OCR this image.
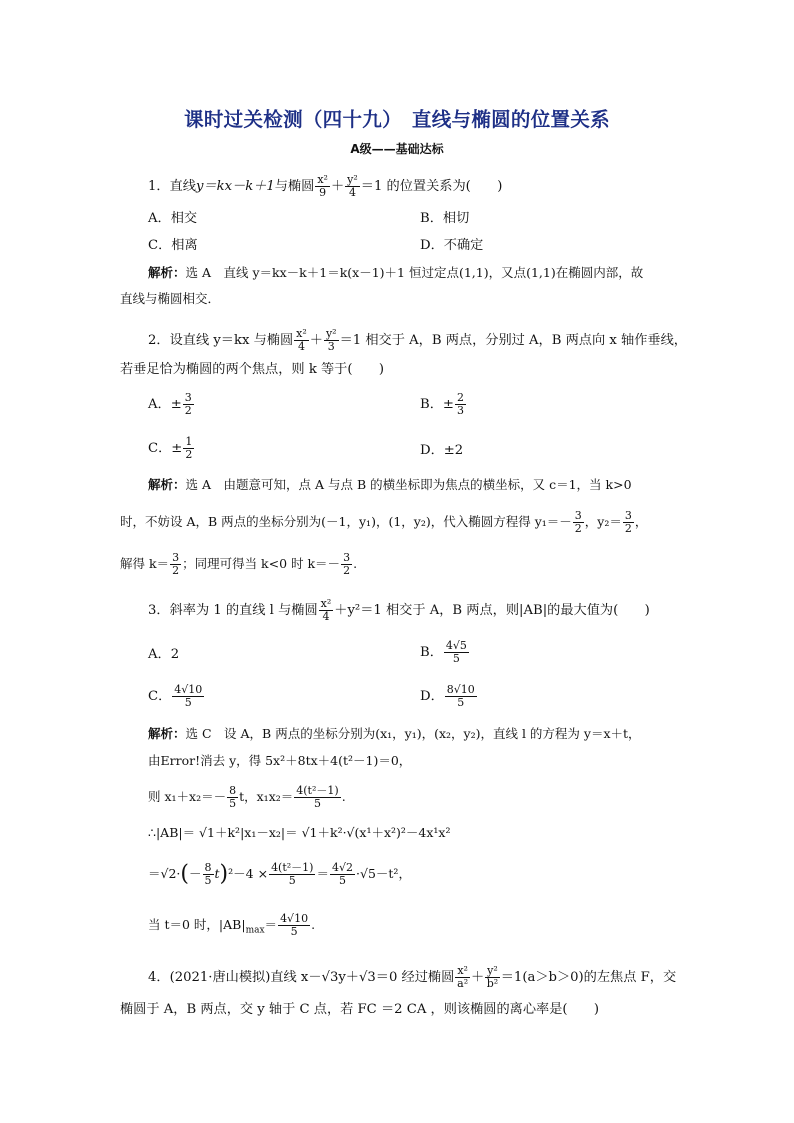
课时过关检测（四十九）　直线与椭圆的位置关系
A级——基础达标
1．直线y＝kx－k＋1与椭圆 $\frac{\text{x²}}{9} + \frac{\text{y²}}{4} =1$ 的位置关系为(　　)
A．相交	B．相切
C．相离	D．不确定
解析：选 A　直线 y＝kx－k＋1＝k(x－1)＋1 恒过定点(1,1)，又点(1,1)在椭圆内部，故
直线与椭圆相交．
2．设直线 y＝kx 与椭圆 $\frac{\text{x²}}{4} + \frac{\text{y²}}{3} =1$ 相交于 A，B 两点，分别过 A，B 两点向 x 轴作垂线，
若垂足恰为椭圆的两个焦点，则 k 等于(　　)
A．± $\frac{3}{2}$	B．± $\frac{2}{3}$
C．± $\frac{1}{2}$	D．±2
解析：选 A　由题意可知，点 A 与点 B 的横坐标即为焦点的横坐标，又 c＝1，当 k>0
时，不妨设 A，B 两点的坐标分别为(－1，y₁)，(1，y₂)，代入椭圆方程得 $y_1=- \frac{3}{2}$ ，$y_2= \frac{3}{2}$ ，
解得 $k= \frac{3}{2}$ ；同理可得当 k<0 时 $k=- \frac{3}{2}$ .
3．斜率为 1 的直线 l 与椭圆 $\frac{\text{x²}}{4} +y^2=1$ 相交于 A，B 两点，则|AB|的最大值为(　　)
A．2	B． $\frac{4√5}{5}$
C． $\frac{4√10}{5}$	D． $\frac{8√10}{5}$
解析：选 C　设 A，B 两点的坐标分别为(x₁，y₁)，(x₂，y₂)，直线 l 的方程为 y＝x＋t，
由Error!消去 y，得 5x²＋8tx＋4(t²－1)＝0，
则 $x_1+x_2=- \frac{8}{5}$ t，$x_1x_2= \frac{\text{4(t²－1)}}{5}$ .
∴|AB|＝ √1＋k²|x₁－x₂|＝ √1＋k²·√(x¹＋x²)²－4x¹x²
$=√2\cdot(- \frac{8}{5} t)^2-4 \times \frac{\text{4(t²－1)}}{5} = \frac{4√2}{5} \cdot√5-t^2$，
当 t＝0 时，$|AB|_{max}= \frac{4√10}{5}$ .
4．(2021·唐山模拟)直线 x－√3y＋√3＝0 经过椭圆 $\frac{\text{x²}}{\text{a²}} + \frac{\text{y²}}{\text{b²}} =1(a>b>0)$的左焦点 F，交
椭圆于 A，B 两点，交 y 轴于 C 点，若 FC ＝2 CA ，则该椭圆的离心率是(　　)
